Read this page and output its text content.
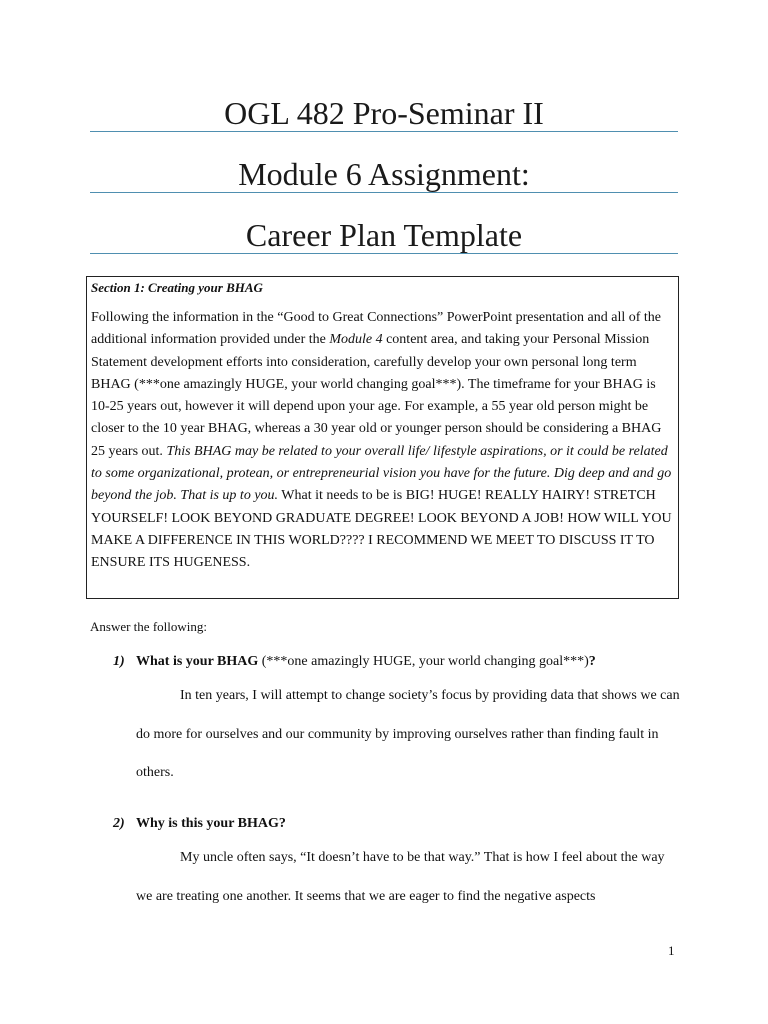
OGL 482 Pro-Seminar II
Module 6 Assignment:
Career Plan Template

Section 1: Creating your BHAG

Following the information in the “Good to Great Connections” PowerPoint presentation and all of the additional information provided under the Module 4 content area, and taking your Personal Mission Statement development efforts into consideration, carefully develop your own personal long term BHAG (***one amazingly HUGE, your world changing goal***). The timeframe for your BHAG is 10-25 years out, however it will depend upon your age. For example, a 55 year old person might be closer to the 10 year BHAG, whereas a 30 year old or younger person should be considering a BHAG 25 years out. This BHAG may be related to your overall life/ lifestyle aspirations, or it could be related to some organizational, protean, or entrepreneurial vision you have for the future. Dig deep and and go beyond the job. That is up to you. What it needs to be is BIG! HUGE! REALLY HAIRY! STRETCH YOURSELF! LOOK BEYOND GRADUATE DEGREE! LOOK BEYOND A JOB! HOW WILL YOU MAKE A DIFFERENCE IN THIS WORLD???? I RECOMMEND WE MEET TO DISCUSS IT TO ENSURE ITS HUGENESS.

Answer the following:
1) What is your BHAG (***one amazingly HUGE, your world changing goal***)?

In ten years, I will attempt to change society’s focus by providing data that shows we can do more for ourselves and our community by improving ourselves rather than finding fault in others.

2) Why is this your BHAG?

My uncle often says, “It doesn’t have to be that way.” That is how I feel about the way we are treating one another. It seems that we are eager to find the negative aspects

1
